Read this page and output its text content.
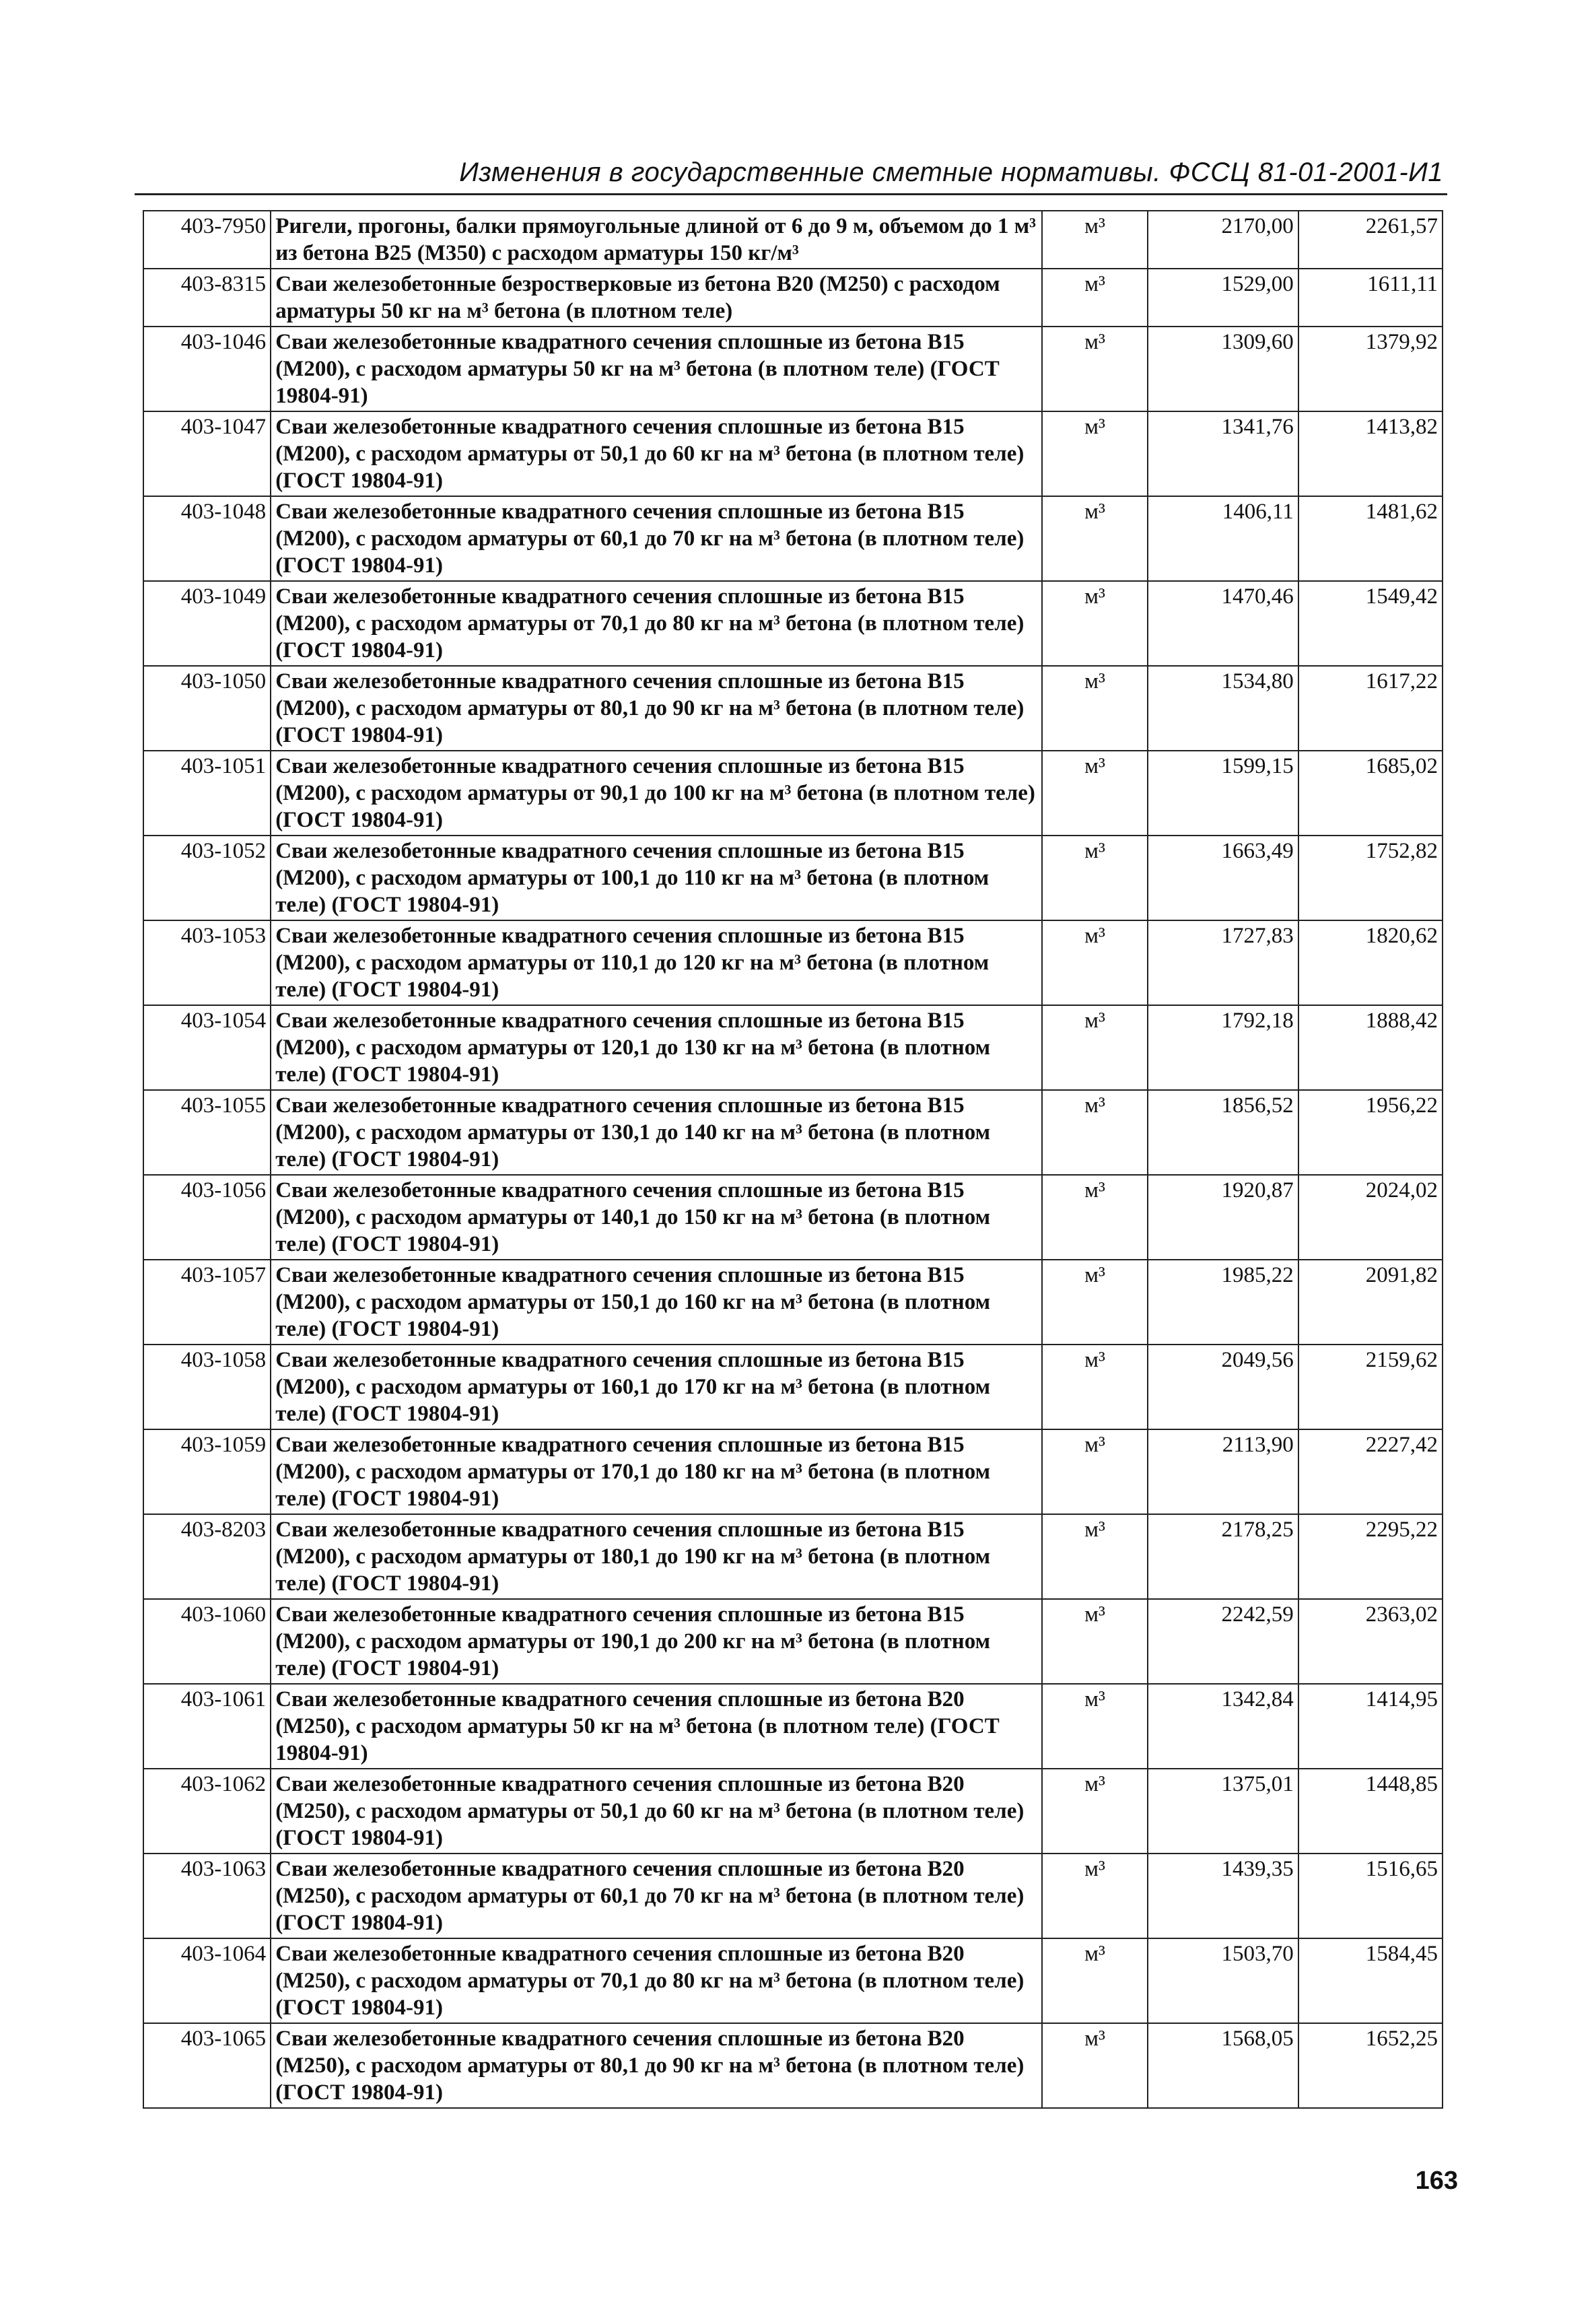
Изменения в государственные сметные нормативы. ФССЦ 81-01-2001-И1
403-7950	Ригели, прогоны, балки прямоугольные длиной от 6 до 9 м, объемом до 1 м³ из бетона В25 (М350) с расходом арматуры 150 кг/м³	м³	2170,00	2261,57
403-8315	Сваи железобетонные безростверковые из бетона В20 (М250) с расходом арматуры 50 кг на м³ бетона (в плотном теле)	м³	1529,00	1611,11
403-1046	Сваи железобетонные квадратного сечения сплошные из бетона В15 (М200), с расходом арматуры 50 кг на м³ бетона (в плотном теле) (ГОСТ 19804-91)	м³	1309,60	1379,92
403-1047	Сваи железобетонные квадратного сечения сплошные из бетона В15 (М200), с расходом арматуры от 50,1 до 60 кг на м³ бетона (в плотном теле) (ГОСТ 19804-91)	м³	1341,76	1413,82
403-1048	Сваи железобетонные квадратного сечения сплошные из бетона В15 (М200), с расходом арматуры от 60,1 до 70 кг на м³ бетона (в плотном теле) (ГОСТ 19804-91)	м³	1406,11	1481,62
403-1049	Сваи железобетонные квадратного сечения сплошные из бетона В15 (М200), с расходом арматуры от 70,1 до 80 кг на м³ бетона (в плотном теле) (ГОСТ 19804-91)	м³	1470,46	1549,42
403-1050	Сваи железобетонные квадратного сечения сплошные из бетона В15 (М200), с расходом арматуры от 80,1 до 90 кг на м³ бетона (в плотном теле) (ГОСТ 19804-91)	м³	1534,80	1617,22
403-1051	Сваи железобетонные квадратного сечения сплошные из бетона В15 (М200), с расходом арматуры от 90,1 до 100 кг на м³ бетона (в плотном теле) (ГОСТ 19804-91)	м³	1599,15	1685,02
403-1052	Сваи железобетонные квадратного сечения сплошные из бетона В15 (М200), с расходом арматуры от 100,1 до 110 кг на м³ бетона (в плотном теле) (ГОСТ 19804-91)	м³	1663,49	1752,82
403-1053	Сваи железобетонные квадратного сечения сплошные из бетона В15 (М200), с расходом арматуры от 110,1 до 120 кг на м³ бетона (в плотном теле) (ГОСТ 19804-91)	м³	1727,83	1820,62
403-1054	Сваи железобетонные квадратного сечения сплошные из бетона В15 (М200), с расходом арматуры от 120,1 до 130 кг на м³ бетона (в плотном теле) (ГОСТ 19804-91)	м³	1792,18	1888,42
403-1055	Сваи железобетонные квадратного сечения сплошные из бетона В15 (М200), с расходом арматуры от 130,1 до 140 кг на м³ бетона (в плотном теле) (ГОСТ 19804-91)	м³	1856,52	1956,22
403-1056	Сваи железобетонные квадратного сечения сплошные из бетона В15 (М200), с расходом арматуры от 140,1 до 150 кг на м³ бетона (в плотном теле) (ГОСТ 19804-91)	м³	1920,87	2024,02
403-1057	Сваи железобетонные квадратного сечения сплошные из бетона В15 (М200), с расходом арматуры от 150,1 до 160 кг на м³ бетона (в плотном теле) (ГОСТ 19804-91)	м³	1985,22	2091,82
403-1058	Сваи железобетонные квадратного сечения сплошные из бетона В15 (М200), с расходом арматуры от 160,1 до 170 кг на м³ бетона (в плотном теле) (ГОСТ 19804-91)	м³	2049,56	2159,62
403-1059	Сваи железобетонные квадратного сечения сплошные из бетона В15 (М200), с расходом арматуры от 170,1 до 180 кг на м³ бетона (в плотном теле) (ГОСТ 19804-91)	м³	2113,90	2227,42
403-8203	Сваи железобетонные квадратного сечения сплошные из бетона В15 (М200), с расходом арматуры от 180,1 до 190 кг на м³ бетона (в плотном теле) (ГОСТ 19804-91)	м³	2178,25	2295,22
403-1060	Сваи железобетонные квадратного сечения сплошные из бетона В15 (М200), с расходом арматуры от 190,1 до 200 кг на м³ бетона (в плотном теле) (ГОСТ 19804-91)	м³	2242,59	2363,02
403-1061	Сваи железобетонные квадратного сечения сплошные из бетона В20 (М250), с расходом арматуры 50 кг на м³ бетона (в плотном теле) (ГОСТ 19804-91)	м³	1342,84	1414,95
403-1062	Сваи железобетонные квадратного сечения сплошные из бетона В20 (М250), с расходом арматуры от 50,1 до 60 кг на м³ бетона (в плотном теле) (ГОСТ 19804-91)	м³	1375,01	1448,85
403-1063	Сваи железобетонные квадратного сечения сплошные из бетона В20 (М250), с расходом арматуры от 60,1 до 70 кг на м³ бетона (в плотном теле) (ГОСТ 19804-91)	м³	1439,35	1516,65
403-1064	Сваи железобетонные квадратного сечения сплошные из бетона В20 (М250), с расходом арматуры от 70,1 до 80 кг на м³ бетона (в плотном теле) (ГОСТ 19804-91)	м³	1503,70	1584,45
403-1065	Сваи железобетонные квадратного сечения сплошные из бетона В20 (М250), с расходом арматуры от 80,1 до 90 кг на м³ бетона (в плотном теле) (ГОСТ 19804-91)	м³	1568,05	1652,25
163
